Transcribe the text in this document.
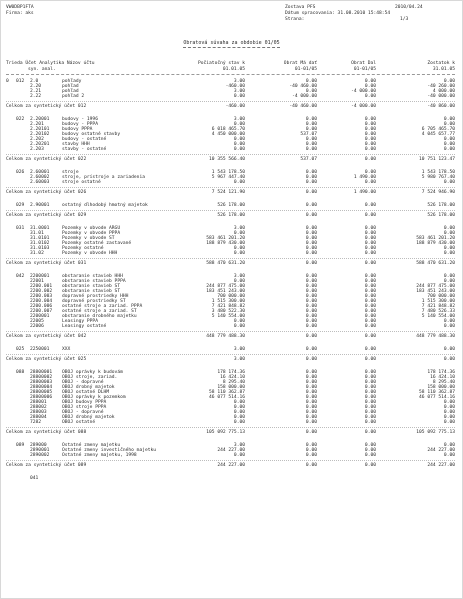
VW0DBP1FTA
Firma: aks
Zostava PFS	2010/04.24
Dátum spracovania: 31.08.2010 15:48:54
Strana:	1/3
Obratová súvaha za obdobie 01/05
Trieda Účet Analytika Názov účtu	Počiatočný stav k	Obrat Má dať	Obrat Dal	Zostatok k
syn. anal.	01.01.05	01-01/05	01-01/05	31.01.05
0 012 2.0	pohľady	3.00	0.00	0.00	0.00
2.20	pohľad	-460.00	-40 460.00	0.00	-40 260.00
2.21	pohľad	3.00	0.00	-4 000.00	4 000.00
2.22	pohľad 2	0.00	-4 000.00	0.00	-40 000.00
Celkom za syntetický účet 012	-460.00	-40 460.00	-4 000.00	-40 860.00
022 2.20001	budovy - 1996	3.00	0.00	0.00	0.00
2.201	budovy - PPPA	0.00	0.00	0.00	0.00
2.20101	budovy PPPA	6 018 465.70	0.00	0.00	6 705 465.70
2.20102	budovy ostatné stavby	4 450 000.00	537.07	0.00	4 045 657.77
2.202	budovy - ostatné	0.00	0.00	0.00	0.00
2.20201	stavby HHH	0.00	0.00	0.00	0.00
2.203	stavby - ostatné	0.00	0.00	0.00	0.00
Celkom za syntetický účet 022	10 355 566.40	537.07	0.00	10 751 123.47
026 2.60001	stroje	1 543 178.50	0.00	0.00	1 543 178.50
2.60002	stroje, prístroje a zariadenia	5 967 447.40	0.00	1 490.00	5 980 767.40
2.60003	stroje ostatné	0.00	0.00	0.00	0.00
Celkom za syntetický účet 026	7 524 121.90	0.00	1 490.00	7 524 946.90
029 2.90001	ostatný dlhodobý hmotný majetok	526 178.00	0.00	0.00	526 178.00
Celkom za syntetický účet 029	526 178.00	0.00	0.00	526 178.00
031 31.0001	Pozemky v obvode ARGU	3.00	0.00	0.00	0.00
31.01	Pozemky v obvode PPPA	0.00	0.00	0.00	0.00
31.0101	Pozemky v obvode ST	583 461 201.20	0.00	0.00	583 461 201.20
31.0102	Pozemky ostatné zastavané	188 879 430.00	0.00	0.00	188 879 430.00
31.0103	Pozemky ostatné	0.00	0.00	0.00	0.00
31.02	Pozemky v obvode HHH	0.00	0.00	0.00	0.00
Celkom za syntetický účet 031	588 470 631.20	0.00	0.00	588 470 631.20
042 2200001	obstaranie stavieb HHH	3.00	0.00	0.00	0.00
22001	obstaranie stavieb PPPA	0.00	0.00	0.00	0.00
2200.001 obstaranie stavieb ST	244 877 475.00	0.00	0.00	244 877 475.00
2200.002 obstaranie stavieb ST	183 451 243.00	0.00	0.00	183 451 243.00
2200.003 dopravné prostriedky HHH	700 000.00	0.00	0.00	700 000.00
2200.004 dopravné prostriedky ST	1 515 300.00	0.00	0.00	1 515 300.00
2200.006 ostatné stroje a zariad. PPPA	7 421 848.82	0.00	0.00	7 421 848.82
2200.007 ostatné stroje a zariad. ST	3 480 522.30	0.00	0.00	7 480 526.33
2200001	obstaranie drobného majetku	5 140 554.00	0.00	0.00	5 140 554.00
22005	Leasingy PPPA	0.00	0.00	0.00	0.00
22006	Leasingy ostatné	0.00	0.00	0.00	0.00
Celkom za syntetický účet 042	448 779 488.30	0.00	0.00	448 779 488.30
025 2250001	XXX	3.00	0.00	0.00	0.00
Celkom za syntetický účet 025	3.00	0.00	0.00	0.00
088 28800001 OBOJ oprávky k budovám	178 174.36	0.00	0.00	178 174.36
28800002 OBOJ stroje, zariad.	16 424.10	0.00	0.00	16 424.10
28800003 OBOJ - dopravné	8 295.40	0.00	0.00	8 295.40
28800004 OBOJ drobný majetok	158 000.00	0.00	0.00	158 000.00
28800005 OBOJ ostatné DLHM	58 110 362.87	0.00	0.00	58 110 362.87
28800006 OBOJ oprávky k pozemkom	46 077 514.16	0.00	0.00	46 077 514.16
288001	OBOJ budovy PPPA	0.00	0.00	0.00	0.00
288002	OBOJ stroje PPPA	0.00	0.00	0.00	0.00
288003	OBOJ - dopravné	0.00	0.00	0.00	0.00
288004	OBOJ drobný majetok	0.00	0.00	0.00	0.00
7282	OBOJ ostatné	0.00	0.00	0.00	0.00
Celkom za syntetický účet 088	105 092 775.13	0.00	0.00	105 092 775.13
089 289000	Ostatné zmeny majetku	3.00	0.00	0.00	0.00
2890001	Ostatné zmeny investičného majetku	244 227.00	0.00	0.00	244 227.00
2890002	Ostatné zmeny majetku, 1998	0.00	0.00	0.00	0.00
Celkom za syntetický účet 089	244 227.00	0.00	0.00	244 227.00
041
